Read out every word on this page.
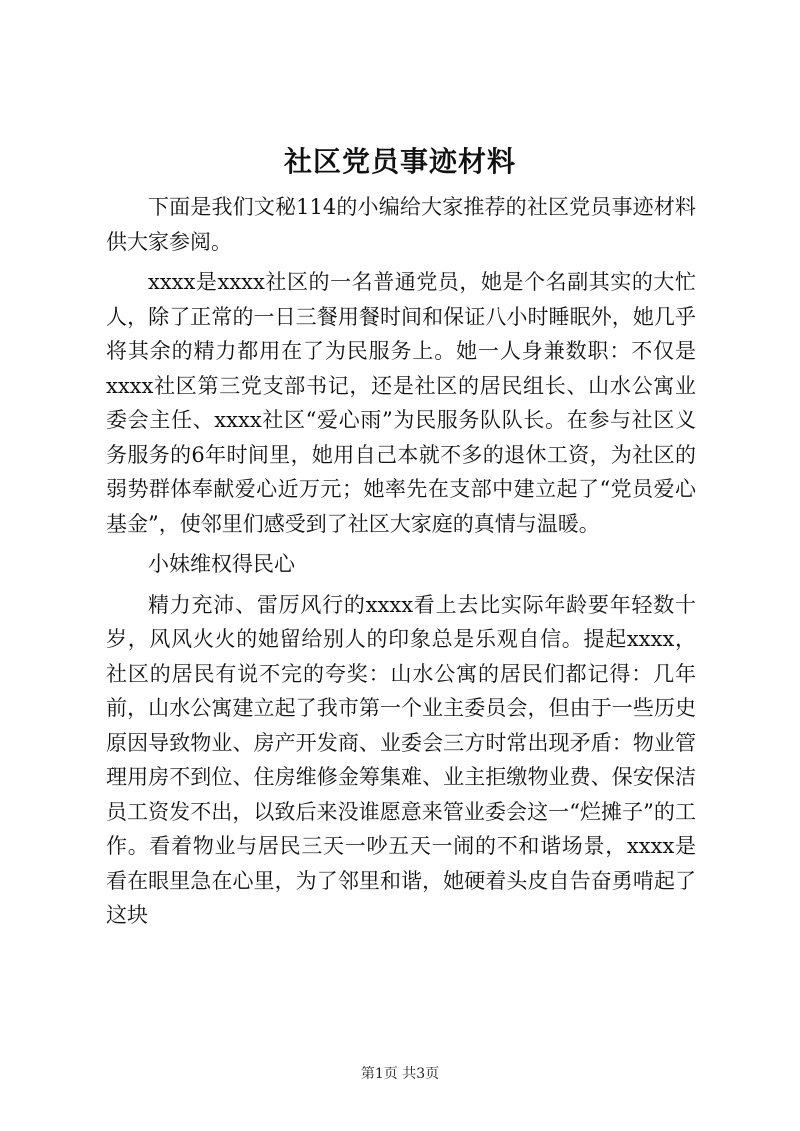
社区党员事迹材料

下面是我们文秘114的小编给大家推荐的社区党员事迹材料供大家参阅。

xxxx是xxxx社区的一名普通党员，她是个名副其实的大忙人，除了正常的一日三餐用餐时间和保证八小时睡眠外，她几乎将其余的精力都用在了为民服务上。她一人身兼数职：不仅是xxxx社区第三党支部书记，还是社区的居民组长、山水公寓业委会主任、xxxx社区“爱心雨”为民服务队队长。在参与社区义务服务的6年时间里，她用自己本就不多的退休工资，为社区的弱势群体奉献爱心近万元；她率先在支部中建立起了“党员爱心基金”，使邻里们感受到了社区大家庭的真情与温暖。

小妹维权得民心

精力充沛、雷厉风行的xxxx看上去比实际年龄要年轻数十岁，风风火火的她留给别人的印象总是乐观自信。提起xxxx，社区的居民有说不完的夸奖：山水公寓的居民们都记得：几年前，山水公寓建立起了我市第一个业主委员会，但由于一些历史原因导致物业、房产开发商、业委会三方时常出现矛盾：物业管理用房不到位、住房维修金筹集难、业主拒缴物业费、保安保洁员工资发不出，以致后来没谁愿意来管业委会这一“烂摊子”的工作。看着物业与居民三天一吵五天一闹的不和谐场景，xxxx是看在眼里急在心里，为了邻里和谐，她硬着头皮自告奋勇啃起了这块

第1页 共3页
